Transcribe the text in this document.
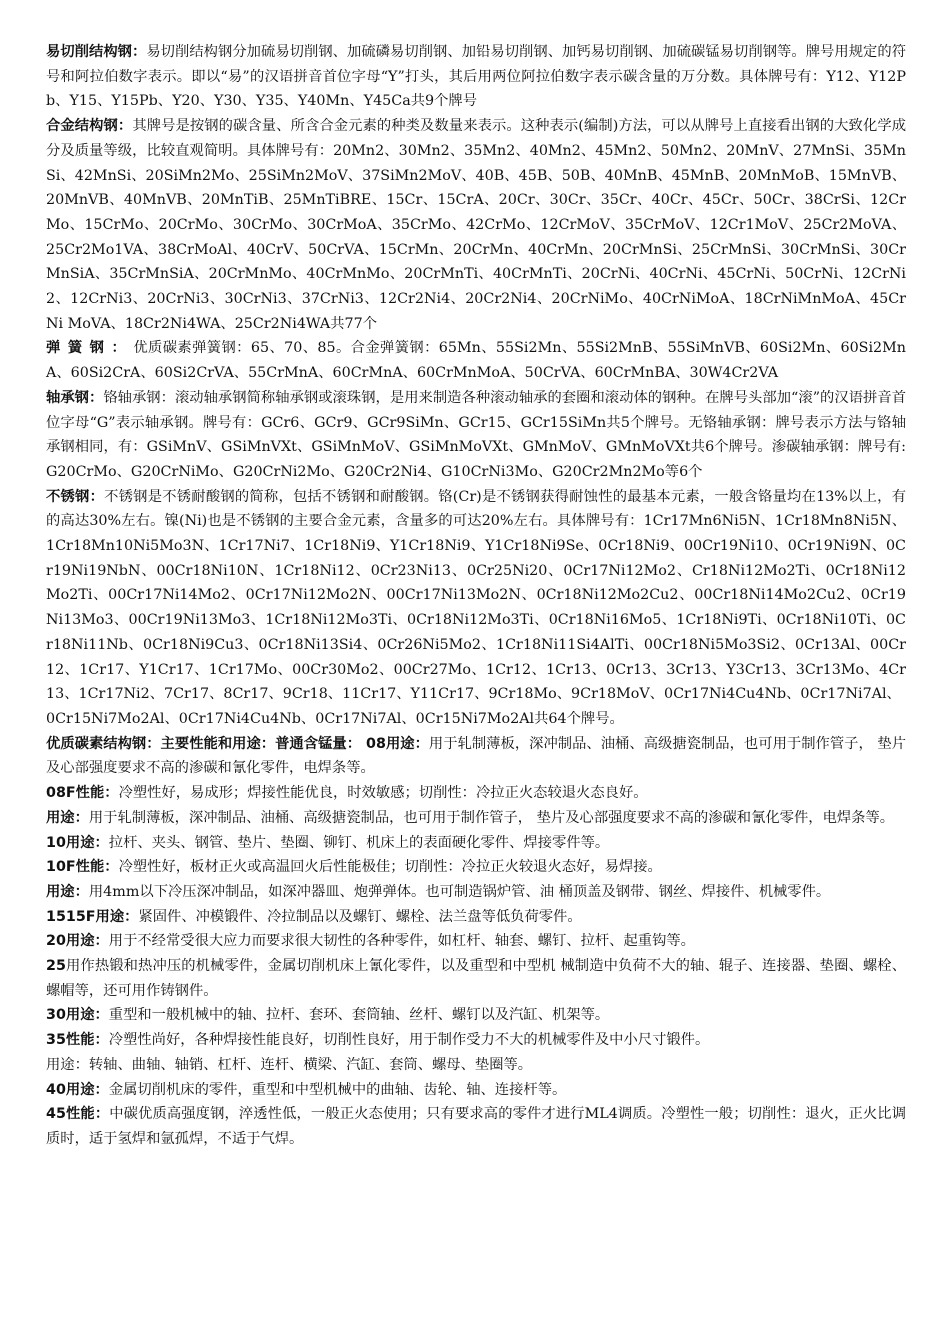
易切削结构钢：易切削结构钢分加硫易切削钢、加硫磷易切削钢、加铅易切削钢、加钙易切削钢、加硫碳锰易切削钢等。牌号用规定的符号和阿拉伯数字表示。即以“易”的汉语拼音首位字母“Y”打头，其后用两位阿拉伯数字表示碳含量的万分数。具体牌号有：Y12、Y12Pb、Y15、Y15Pb、Y20、Y30、Y35、Y40Mn、Y45Ca共9个牌号

合金结构钢：其牌号是按钢的碳含量、所含合金元素的种类及数量来表示。这种表示(编制)方法，可以从牌号上直接看出钢的大致化学成分及质量等级，比较直观简明。具体牌号有：20Mn2、30Mn2、35Mn2、40Mn2、45Mn2、50Mn2、20MnV、27MnSi、35MnSi、42MnSi、20SiMn2Mo、25SiMn2MoV、37SiMn2MoV、40B、45B、50B、40MnB、45MnB、20MnMoB、15MnVB、20MnVB、40MnVB、20MnTiB、25MnTiBRE、15Cr、15CrA、20Cr、30Cr、35Cr、40Cr、45Cr、50Cr、38CrSi、12CrMo、15CrMo、20CrMo、30CrMo、30CrMoA、35CrMo、42CrMo、12CrMoV、35CrMoV、12Cr1MoV、25Cr2MoVA、25Cr2Mo1VA、38CrMoAl、40CrV、50CrVA、15CrMn、20CrMn、40CrMn、20CrMnSi、25CrMnSi、30CrMnSi、30CrMnSiA、35CrMnSiA、20CrMnMo、40CrMnMo、20CrMnTi、40CrMnTi、20CrNi、40CrNi、45CrNi、50CrNi、12CrNi2、12CrNi3、20CrNi3、30CrNi3、37CrNi3、12Cr2Ni4、20Cr2Ni4、20CrNiMo、40CrNiMoA、18CrNiMnMoA、45CrNi MoVA、18Cr2Ni4WA、25Cr2Ni4WA共77个

弹簧钢：优质碳素弹簧钢：65、70、85。合金弹簧钢：65Mn、55Si2Mn、55Si2MnB、55SiMnVB、60Si2Mn、60Si2MnA、60Si2CrA、60Si2CrVA、55CrMnA、60CrMnA、60CrMnMoA、50CrVA、60CrMnBA、30W4Cr2VA

轴承钢：铬轴承钢：滚动轴承钢简称轴承钢或滚珠钢，是用来制造各种滚动轴承的套圈和滚动体的钢种。在牌号头部加“滚”的汉语拼音首位字母“G”表示轴承钢。牌号有：GCr6、GCr9、GCr9SiMn、GCr15、GCr15SiMn共5个牌号。无铬轴承钢：牌号表示方法与铬轴承钢相同，有：GSiMnV、GSiMnVXt、GSiMnMoV、GSiMnMoVXt、GMnMoV、GMnMoVXt共6个牌号。渗碳轴承钢：牌号有:G20CrMo、G20CrNiMo、G20CrNi2Mo、G20Cr2Ni4、G10CrNi3Mo、G20Cr2Mn2Mo等6个

不锈钢：不锈钢是不锈耐酸钢的简称，包括不锈钢和耐酸钢。铬(Cr)是不锈钢获得耐蚀性的最基本元素，一般含铬量均在13%以上，有的高达30%左右。镍(Ni)也是不锈钢的主要合金元素，含量多的可达20%左右。具体牌号有：1Cr17Mn6Ni5N、1Cr18Mn8Ni5N、1Cr18Mn10Ni5Mo3N、1Cr17Ni7、1Cr18Ni9、Y1Cr18Ni9、Y1Cr18Ni9Se、0Cr18Ni9、00Cr19Ni10、0Cr19Ni9N、0Cr19Ni19NbN、00Cr18Ni10N、1Cr18Ni12、0Cr23Ni13、0Cr25Ni20、0Cr17Ni12Mo2、Cr18Ni12Mo2Ti、0Cr18Ni12Mo2Ti、00Cr17Ni14Mo2、0Cr17Ni12Mo2N、00Cr17Ni13Mo2N、0Cr18Ni12Mo2Cu2、00Cr18Ni14Mo2Cu2、0Cr19Ni13Mo3、00Cr19Ni13Mo3、1Cr18Ni12Mo3Ti、0Cr18Ni12Mo3Ti、0Cr18Ni16Mo5、1Cr18Ni9Ti、0Cr18Ni10Ti、0Cr18Ni11Nb、0Cr18Ni9Cu3、0Cr18Ni13Si4、0Cr26Ni5Mo2、1Cr18Ni11Si4AlTi、00Cr18Ni5Mo3Si2、0Cr13Al、00Cr12、1Cr17、Y1Cr17、1Cr17Mo、00Cr30Mo2、00Cr27Mo、1Cr12、1Cr13、0Cr13、3Cr13、Y3Cr13、3Cr13Mo、4Cr13、1Cr17Ni2、7Cr17、8Cr17、9Cr18、11Cr17、Y11Cr17、9Cr18Mo、9Cr18MoV、0Cr17Ni4Cu4Nb、0Cr17Ni7Al、

0Cr15Ni7Mo2Al、0Cr17Ni4Cu4Nb、0Cr17Ni7Al、0Cr15Ni7Mo2Al共64个牌号。

优质碳素结构钢：主要性能和用途：普通含锰量： 08用途：用于轧制薄板，深冲制品、油桶、高级搪瓷制品，也可用于制作管子， 垫片及心部强度要求不高的渗碳和氰化零件，电焊条等。

08F性能：冷塑性好，易成形；焊接性能优良，时效敏感；切削性：冷拉正火态较退火态良好。

用途：用于轧制薄板，深冲制品、油桶、高级搪瓷制品，也可用于制作管子， 垫片及心部强度要求不高的渗碳和氰化零件，电焊条等。

10用途：拉杆、夹头、钢管、垫片、垫圈、铆钉、机床上的表面硬化零件、焊接零件等。

10F性能：冷塑性好，板材正火或高温回火后性能极佳；切削性：冷拉正火较退火态好，易焊接。

用途：用4mm以下冷压深冲制品，如深冲器皿、炮弹弹体。也可制造锅炉管、油 桶顶盖及钢带、钢丝、焊接件、机械零件。

1515F用途：紧固件、冲模锻件、冷拉制品以及螺钉、螺栓、法兰盘等低负荷零件。

20用途：用于不经常受很大应力而要求很大韧性的各种零件，如杠杆、轴套、螺钉、拉杆、起重钩等。

25用作热锻和热冲压的机械零件，金属切削机床上氰化零件，以及重型和中型机 械制造中负荷不大的轴、辊子、连接器、垫圈、螺栓、螺帽等，还可用作铸钢件。

30用途：重型和一般机械中的轴、拉杆、套环、套筒轴、丝杆、螺钉以及汽缸、机架等。

35性能：冷塑性尚好，各种焊接性能良好，切削性良好，用于制作受力不大的机械零件及中小尺寸锻件。

用途：转轴、曲轴、轴销、杠杆、连杆、横梁、汽缸、套筒、螺母、垫圈等。

40用途：金属切削机床的零件，重型和中型机械中的曲轴、齿轮、轴、连接杆等。

45性能：中碳优质高强度钢，淬透性低，一般正火态使用；只有要求高的零件才进行ML4调质。冷塑性一般；切削性：退火，正火比调质时，适于氢焊和氩孤焊，不适于气焊。
